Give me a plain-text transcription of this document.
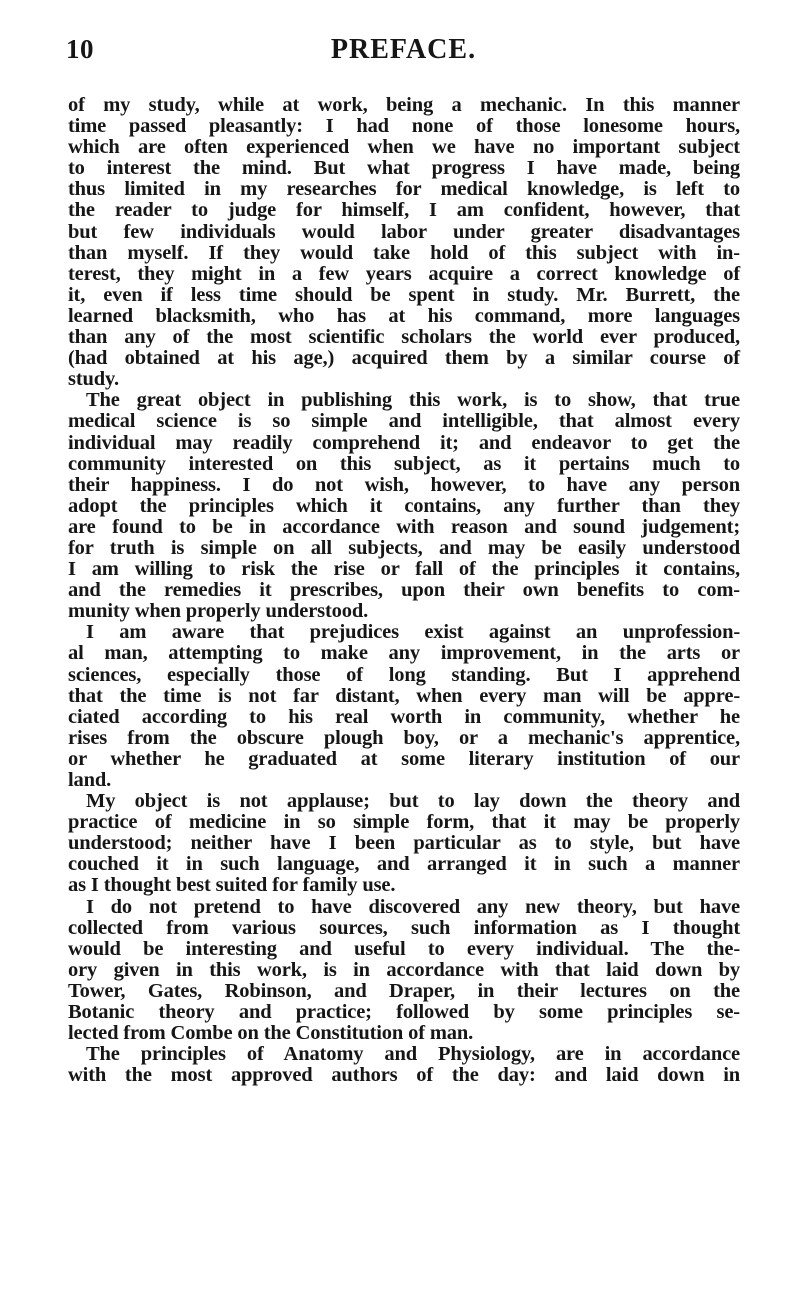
10	PREFACE.
of my study, while at work, being a mechanic. In this manner
time passed pleasantly: I had none of those lonesome hours,
which are often experienced when we have no important subject
to interest the mind. But what progress I have made, being
thus limited in my researches for medical knowledge, is left to
the reader to judge for himself, I am confident, however, that
but few individuals would labor under greater disadvantages
than myself. If they would take hold of this subject with in-
terest, they might in a few years acquire a correct knowledge of
it, even if less time should be spent in study. Mr. Burrett, the
learned blacksmith, who has at his command, more languages
than any of the most scientific scholars the world ever produced,
(had obtained at his age,) acquired them by a similar course of
study.
The great object in publishing this work, is to show, that true
medical science is so simple and intelligible, that almost every
individual may readily comprehend it; and endeavor to get the
community interested on this subject, as it pertains much to
their happiness. I do not wish, however, to have any person
adopt the principles which it contains, any further than they
are found to be in accordance with reason and sound judgement;
for truth is simple on all subjects, and may be easily understood
I am willing to risk the rise or fall of the principles it contains,
and the remedies it prescribes, upon their own benefits to com-
munity when properly understood.
I am aware that prejudices exist against an unprofession-
al man, attempting to make any improvement, in the arts or
sciences, especially those of long standing. But I apprehend
that the time is not far distant, when every man will be appre-
ciated according to his real worth in community, whether he
rises from the obscure plough boy, or a mechanic's apprentice,
or whether he graduated at some literary institution of our
land.
My object is not applause; but to lay down the theory and
practice of medicine in so simple form, that it may be properly
understood; neither have I been particular as to style, but have
couched it in such language, and arranged it in such a manner
as I thought best suited for family use.
I do not pretend to have discovered any new theory, but have
collected from various sources, such information as I thought
would be interesting and useful to every individual. The the-
ory given in this work, is in accordance with that laid down by
Tower, Gates, Robinson, and Draper, in their lectures on the
Botanic theory and practice; followed by some principles se-
lected from Combe on the Constitution of man.
The principles of Anatomy and Physiology, are in accordance
with the most approved authors of the day: and laid down in
